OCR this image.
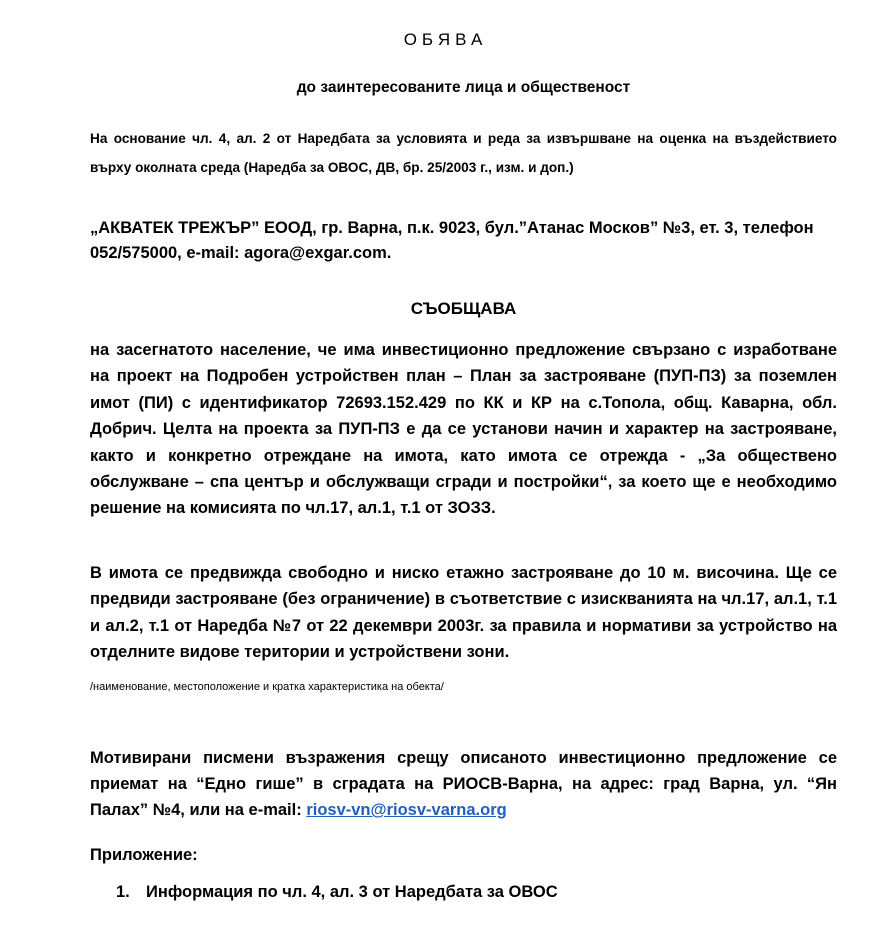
ОБЯВА
до заинтересованите лица и общественост
На основание чл. 4, ал. 2 от Наредбата за условията и реда за извършване на оценка на въздействието върху околната среда (Наредба за ОВОС, ДВ, бр. 25/2003 г., изм. и доп.)
„АКВАТЕК ТРЕЖЪР” ЕООД, гр. Варна, п.к. 9023, бул.”Атанас Москов” №3, ет. 3, телефон 052/575000, e-mail: agora@exgar.com.
СЪОБЩАВА
на засегнатото население, че има инвестиционно предложение свързано с изработване на проект на Подробен устройствен план – План за застрояване (ПУП-ПЗ) за поземлен имот (ПИ) с идентификатор 72693.152.429 по КК и КР на с.Топола, общ. Каварна, обл. Добрич. Целта на проекта за ПУП-ПЗ е да се установи начин и характер на застрояване, както и конкретно отреждане на имота, като имота се отрежда - „За обществено обслужване – спа център и обслужващи сгради и постройки“, за което ще е необходимо решение на комисията по чл.17, ал.1, т.1 от ЗОЗЗ.
В имота се предвижда свободно и ниско етажно застрояване до 10 м. височина. Ще се предвиди застрояване (без ограничение) в съответствие с изискванията на чл.17, ал.1, т.1 и ал.2, т.1 от Наредба №7 от 22 декември 2003г. за правила и нормативи за устройство на отделните видове територии и устройствени зони.
/наименование, местоположение и кратка характеристика на обекта/
Мотивирани писмени възражения срещу описаното инвестиционно предложение се приемат на “Едно гише” в сградата на РИОСВ-Варна, на адрес: град Варна, ул. “Ян Палах” №4, или на e-mail: riosv-vn@riosv-varna.org
Приложение:
1. Информация по чл. 4, ал. 3 от Наредбата за ОВОС
